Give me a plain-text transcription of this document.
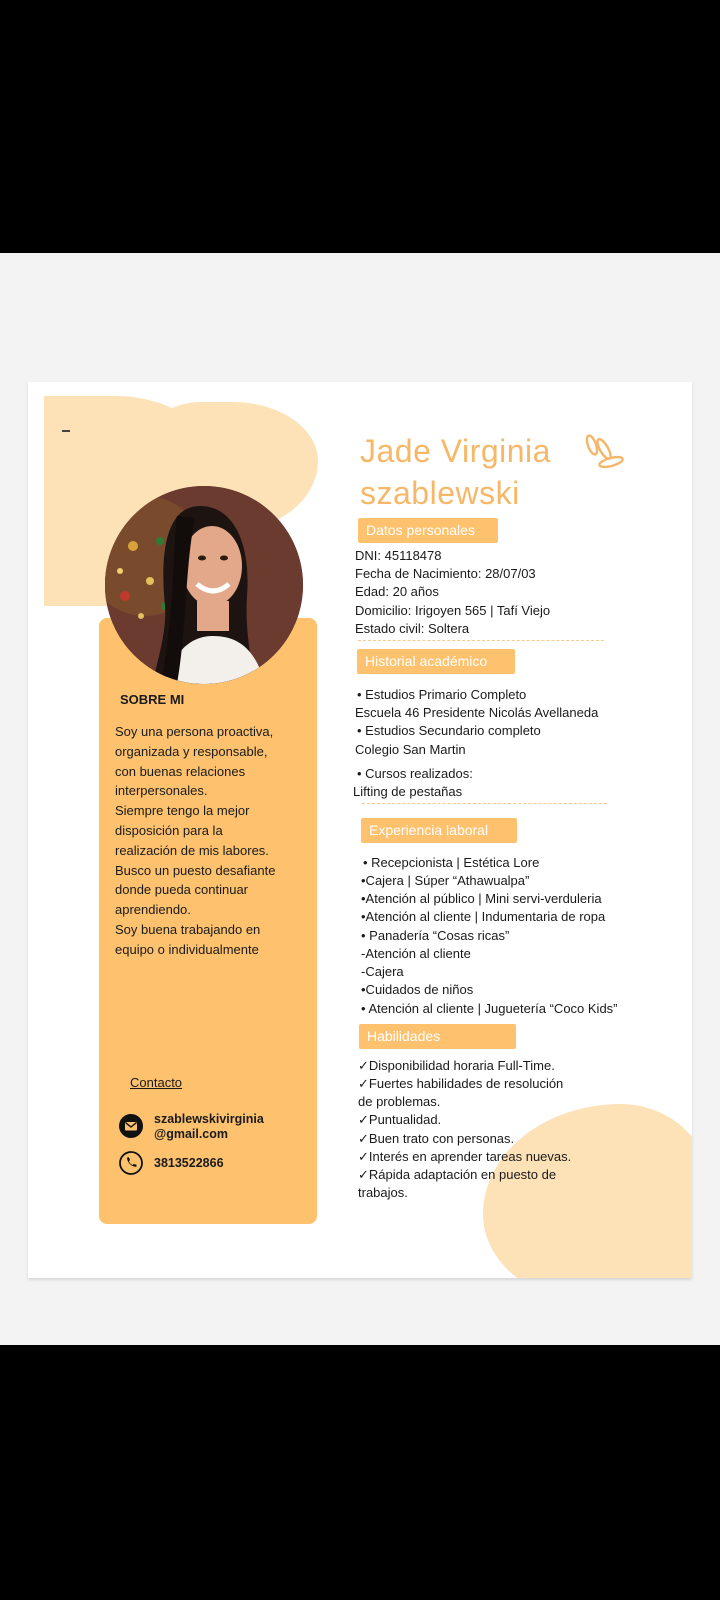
SOBRE MI
Soy una persona proactiva,
organizada y responsable,
con buenas relaciones
interpersonales.
Siempre tengo la mejor
disposición para la
realización de mis labores.
Busco un puesto desafiante
donde pueda continuar
aprendiendo.
Soy buena trabajando en
equipo o individualmente
Contacto
szablewskivirginia
@gmail.com
3813522866
Jade Virginia
szablewski
Datos personales
DNI: 45118478
Fecha de Nacimiento: 28/07/03
Edad: 20 años
Domicilio: Irigoyen 565 | Tafí Viejo
Estado civil: Soltera
Historial académico
• Estudios Primario Completo
Escuela 46 Presidente Nicolás Avellaneda
• Estudios Secundario completo
Colegio San Martin
• Cursos realizados:
Lifting de pestañas
Experiencia laboral
• Recepcionista | Estética Lore
•Cajera | Súper “Athawualpa”
•Atención al público | Mini servi-verduleria
•Atención al cliente | Indumentaria de ropa
• Panadería “Cosas ricas”
-Atención al cliente
-Cajera
•Cuidados de niños
• Atención al cliente | Juguetería “Coco Kids”
Habilidades
✓Disponibilidad horaria Full-Time.
✓Fuertes habilidades de resolución
de problemas.
✓Puntualidad.
✓Buen trato con personas.
✓Interés en aprender tareas nuevas.
✓Rápida adaptación en puesto de
trabajos.
